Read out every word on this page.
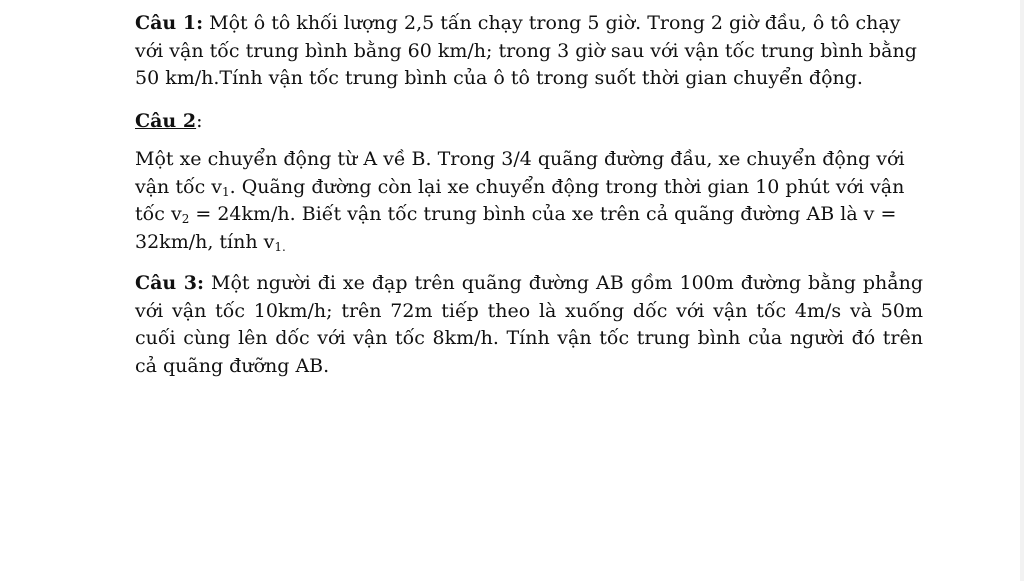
Câu 1: Một ô tô khối lượng 2,5 tấn chạy trong 5 giờ. Trong 2 giờ đầu, ô tô chạy với vận tốc trung bình bằng 60 km/h; trong 3 giờ sau với vận tốc trung bình bằng 50 km/h.Tính vận tốc trung bình của ô tô trong suốt thời gian chuyển động.

Câu 2:

Một xe chuyển động từ A về B. Trong 3/4 quãng đường đầu, xe chuyển động với
vận tốc $v_1$. Quãng đường còn lại xe chuyển động trong thời gian 10 phút với vận
tốc $v_2 = 24km/h$. Biết vận tốc trung bình của xe trên cả quãng đường AB là v =
32km/h, tính $v_{1.}$

Câu 3: Một người đi xe đạp trên quãng đường AB gồm 100m đường bằng phẳng với vận tốc 10km/h; trên 72m tiếp theo là xuống dốc với vận tốc 4m/s và 50m cuối cùng lên dốc với vận tốc 8km/h. Tính vận tốc trung bình của người đó trên cả quãng đưỡng AB.
